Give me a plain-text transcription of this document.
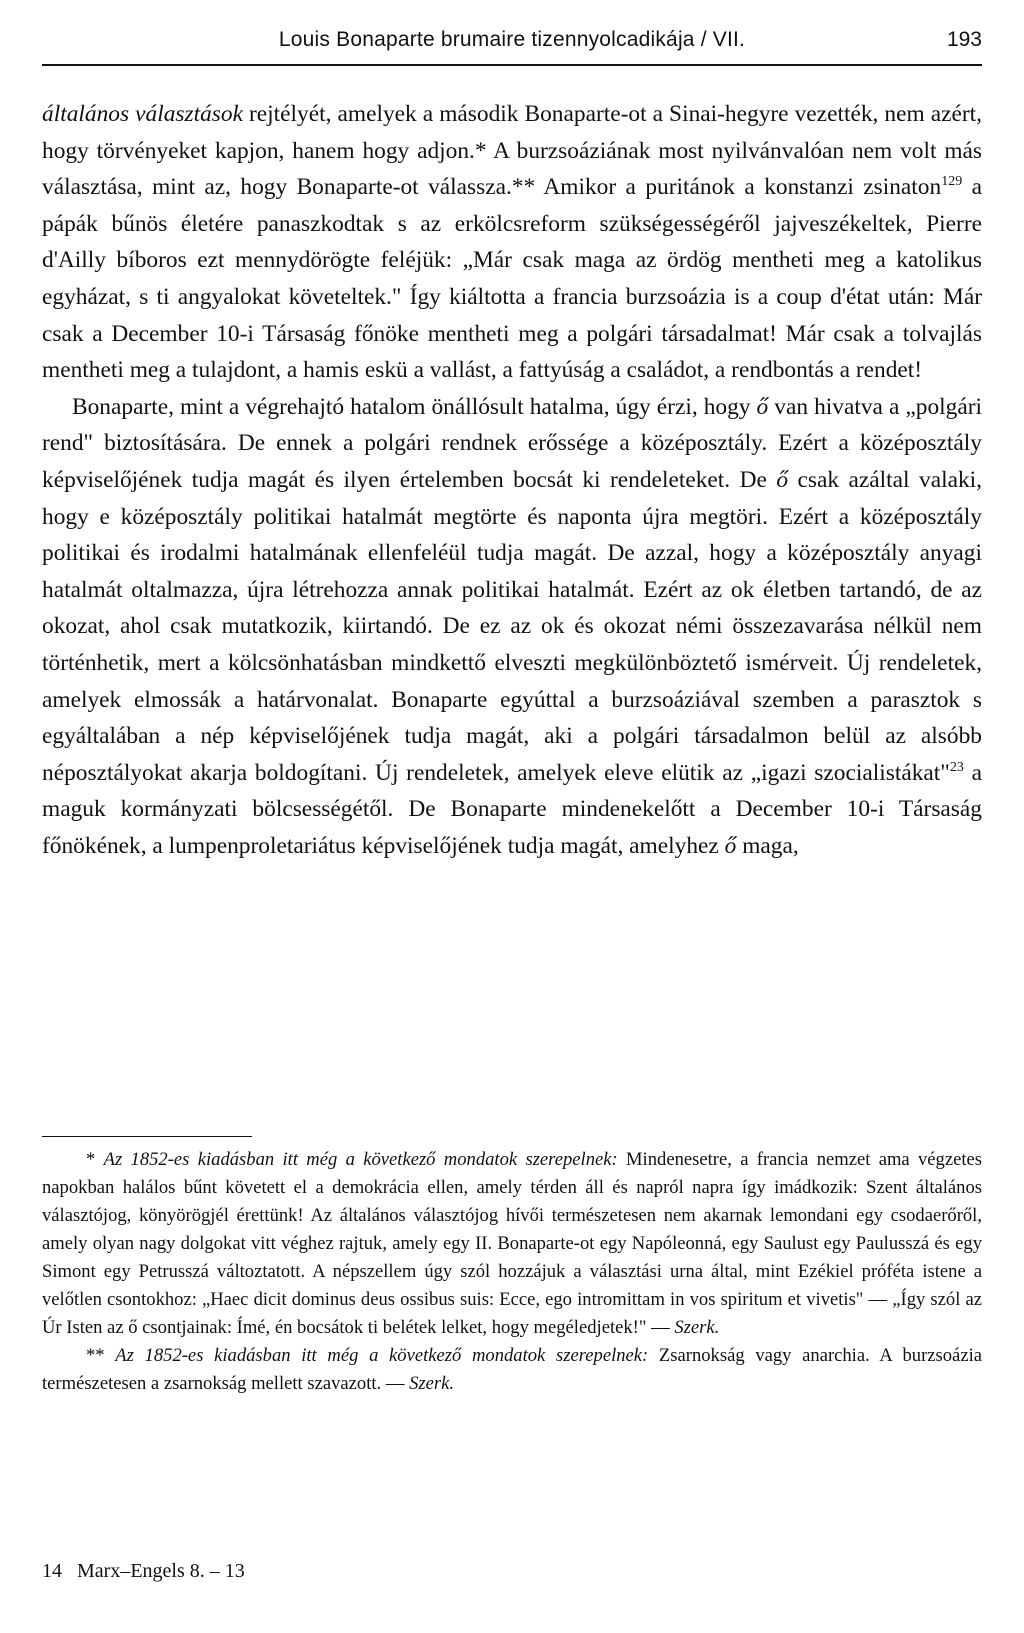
Louis Bonaparte brumaire tizennyolcadikája / VII.	193

általános választások rejtélyét, amelyek a második Bonaparte-ot a Sinai-hegyre vezették, nem azért, hogy törvényeket kapjon, hanem hogy adjon.* A burzsoáziának most nyilvánvalóan nem volt más választása, mint az, hogy Bonaparte-ot válassza.** Amikor a puritánok a konstanzi zsinaton$^{129}$ a pápák bűnös életére panaszkodtak s az erkölcsreform szükségességéről jajveszékeltek, Pierre d'Ailly bíboros ezt mennydörögte feléjük: „Már csak maga az ördög mentheti meg a katolikus egyházat, s ti angyalokat követeltek." Így kiáltotta a francia burzsoázia is a coup d'état után: Már csak a December 10-i Társaság főnöke mentheti meg a polgári társadalmat! Már csak a tolvajlás mentheti meg a tulajdont, a hamis eskü a vallást, a fattyúság a családot, a rendbontás a rendet!

Bonaparte, mint a végrehajtó hatalom önállósult hatalma, úgy érzi, hogy ő van hivatva a „polgári rend" biztosítására. De ennek a polgári rendnek erőssége a középosztály. Ezért a középosztály képviselőjének tudja magát és ilyen értelemben bocsát ki rendeleteket. De ő csak azáltal valaki, hogy e középosztály politikai hatalmát megtörte és naponta újra megtöri. Ezért a középosztály politikai és irodalmi hatalmának ellenfeléül tudja magát. De azzal, hogy a középosztály anyagi hatalmát oltalmazza, újra létrehozza annak politikai hatalmát. Ezért az ok életben tartandó, de az okozat, ahol csak mutatkozik, kiirtandó. De ez az ok és okozat némi összezavarása nélkül nem történhetik, mert a kölcsönhatásban mindkettő elveszti megkülönböztető ismérveit. Új rendeletek, amelyek elmossák a határvonalat. Bonaparte egyúttal a burzsoáziával szemben a parasztok s egyáltalában a nép képviselőjének tudja magát, aki a polgári társadalmon belül az alsóbb néposztályokat akarja boldogítani. Új rendeletek, amelyek eleve elütik az „igazi szocialistákat"$^{23}$ a maguk kormányzati bölcsességétől. De Bonaparte mindenekelőtt a December 10-i Társaság főnökének, a lumpenproletariátus képviselőjének tudja magát, amelyhez ő maga,

* Az 1852-es kiadásban itt még a következő mondatok szerepelnek: Mindenesetre, a francia nemzet ama végzetes napokban halálos bűnt követett el a demokrácia ellen, amely térden áll és napról napra így imádkozik: Szent általános választójog, könyörögjél érettünk! Az általános választójog hívői természetesen nem akarnak lemondani egy csodaerőről, amely olyan nagy dolgokat vitt véghez rajtuk, amely egy II. Bonaparte-ot egy Napóleonná, egy Saulust egy Paulusszá és egy Simont egy Petrusszá változtatott. A népszellem úgy szól hozzájuk a választási urna által, mint Ezékiel próféta istene a velőtlen csontokhoz: „Haec dicit dominus deus ossibus suis: Ecce, ego intromittam in vos spiritum et vivetis" — „Így szól az Úr Isten az ő csontjainak: Ímé, én bocsátok ti belétek lelket, hogy megéledjetek!" — Szerk.

** Az 1852-es kiadásban itt még a következő mondatok szerepelnek: Zsarnokság vagy anarchia. A burzsoázia természetesen a zsarnokság mellett szavazott. — Szerk.

14   Marx–Engels 8. – 13
